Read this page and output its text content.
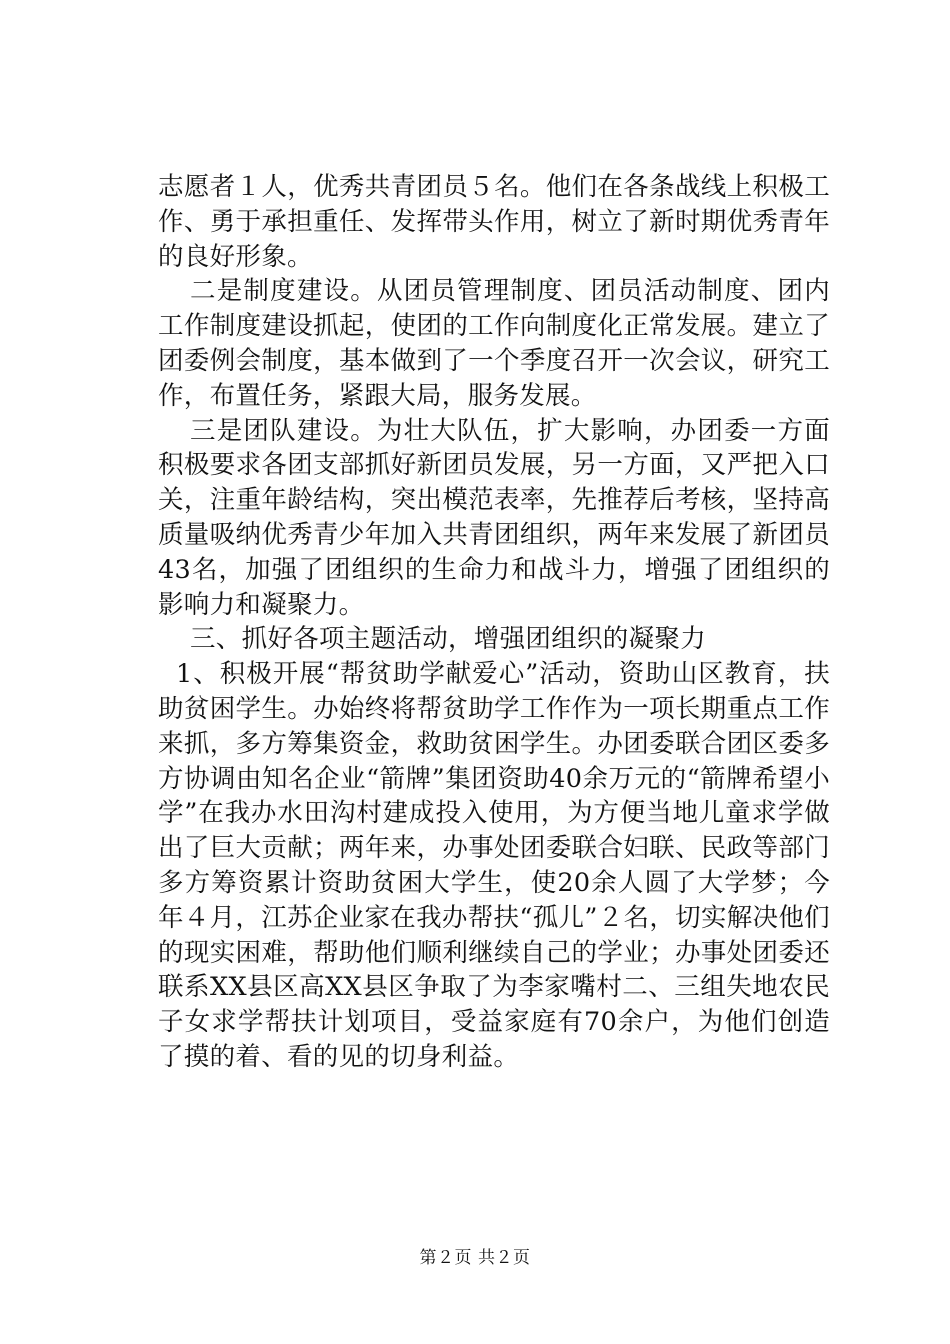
志愿者１人，优秀共青团员５名。他们在各条战线上积极工作、勇于承担重任、发挥带头作用，树立了新时期优秀青年的良好形象。

二是制度建设。从团员管理制度、团员活动制度、团内工作制度建设抓起，使团的工作向制度化正常发展。建立了团委例会制度，基本做到了一个季度召开一次会议，研究工作，布置任务，紧跟大局，服务发展。

三是团队建设。为壮大队伍，扩大影响，办团委一方面积极要求各团支部抓好新团员发展，另一方面，又严把入口关，注重年龄结构，突出模范表率，先推荐后考核，坚持高质量吸纳优秀青少年加入共青团组织，两年来发展了新团员43名，加强了团组织的生命力和战斗力，增强了团组织的影响力和凝聚力。

三、抓好各项主题活动，增强团组织的凝聚力

1、积极开展“帮贫助学献爱心”活动，资助山区教育，扶助贫困学生。办始终将帮贫助学工作作为一项长期重点工作来抓，多方筹集资金，救助贫困学生。办团委联合团区委多方协调由知名企业“箭牌”集团资助40余万元的“箭牌希望小学”在我办水田沟村建成投入使用，为方便当地儿童求学做出了巨大贡献；两年来，办事处团委联合妇联、民政等部门多方筹资累计资助贫困大学生，使20余人圆了大学梦；今年４月，江苏企业家在我办帮扶“孤儿”２名，切实解决他们的现实困难，帮助他们顺利继续自己的学业；办事处团委还联系XX县区高XX县区争取了为李家嘴村二、三组失地农民子女求学帮扶计划项目，受益家庭有70余户，为他们创造了摸的着、看的见的切身利益。

第２页 共２页
